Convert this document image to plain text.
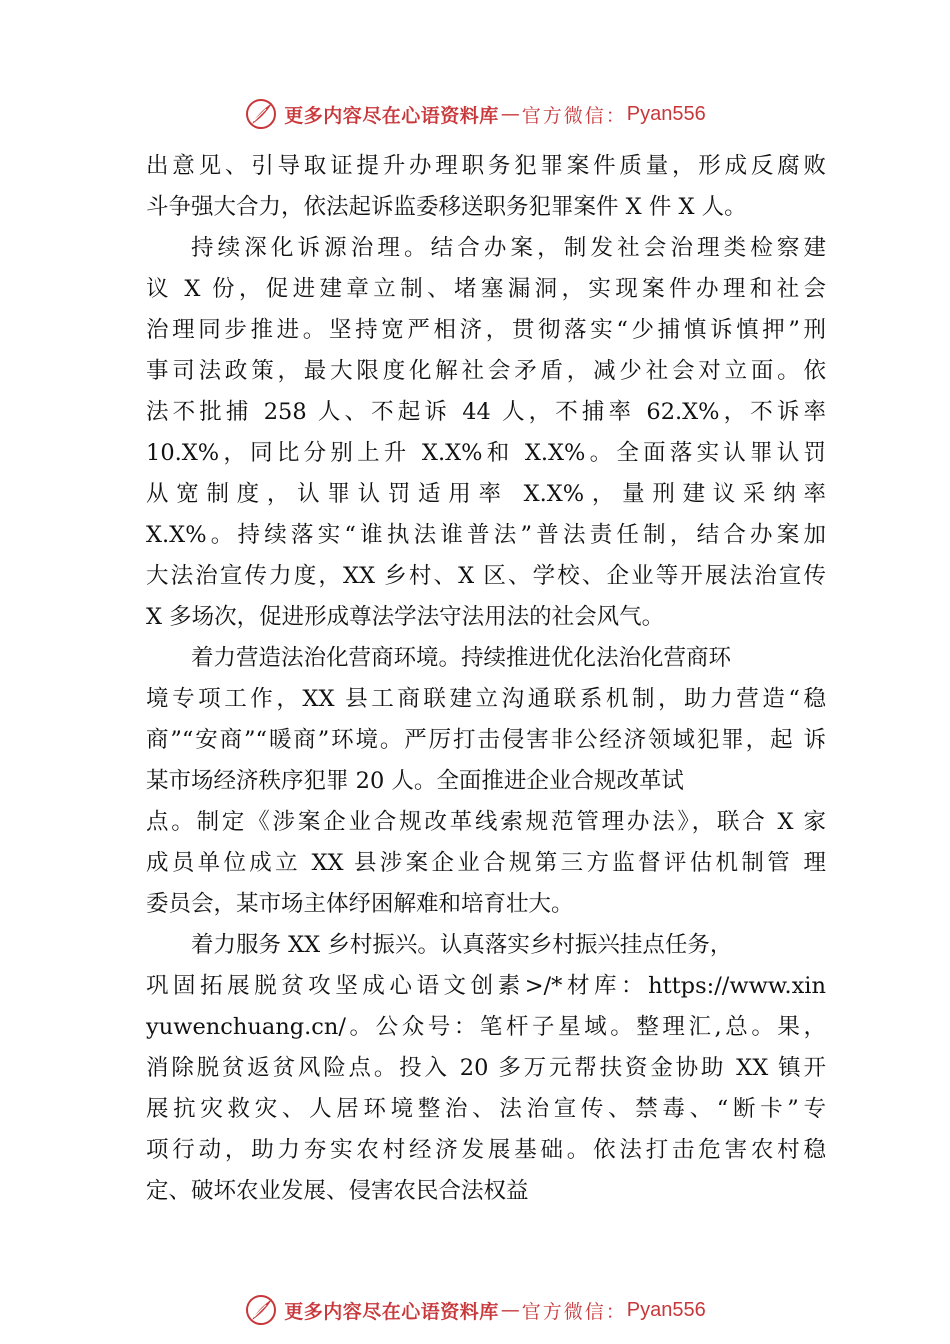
更多内容尽在心语资料库 — 官方微信： Pyan556
出意见、引导取证提升办理职务犯罪案件质量，形成反腐败
斗争强大合力，依法起诉监委移送职务犯罪案件 X 件 X 人。
持续深化诉源治理。结合办案，制发社会治理类检察建
议 X 份，促进建章立制、堵塞漏洞，实现案件办理和社会
治理同步推进。坚持宽严相济，贯彻落实“少捕慎诉慎押”刑
事司法政策，最大限度化解社会矛盾，减少社会对立面。依
法不批捕 258 人、不起诉 44 人，不捕率 62.X%，不诉率
10.X%，同比分别上升 X.X%和 X.X%。全面落实认罪认罚
从宽制度，认罪认罚适用率 X.X%，量刑建议采纳率
X.X%。持续落实“谁执法谁普法”普法责任制，结合办案加
大法治宣传力度，XX 乡村、X 区、学校、企业等开展法治宣传
X 多场次，促进形成尊法学法守法用法的社会风气。
着力营造法治化营商环境。持续推进优化法治化营商环
境专项工作，XX 县工商联建立沟通联系机制，助力营造“稳
商”“安商”“暖商”环境。严厉打击侵害非公经济领域犯罪，起 诉
某市场经济秩序犯罪 20 人。全面推进企业合规改革试
点。制定《涉案企业合规改革线索规范管理办法》，联合 X 家
成员单位成立 XX 县涉案企业合规第三方监督评估机制管 理
委员会，某市场主体纾困解难和培育壮大。
着力服务 XX 乡村振兴。认真落实乡村振兴挂点任务，
巩固拓展脱贫攻坚成心语文创素>/*材库：https://www.xin
yuwenchuang.cn/。公众号：笔杆子星域。整理汇,总。果，
消除脱贫返贫风险点。投入 20 多万元帮扶资金协助 XX 镇开
展抗灾救灾、人居环境整治、法治宣传、禁毒、“断卡”专
项行动，助力夯实农村经济发展基础。依法打击危害农村稳
定、破坏农业发展、侵害农民合法权益
更多内容尽在心语资料库 — 官方微信： Pyan556
